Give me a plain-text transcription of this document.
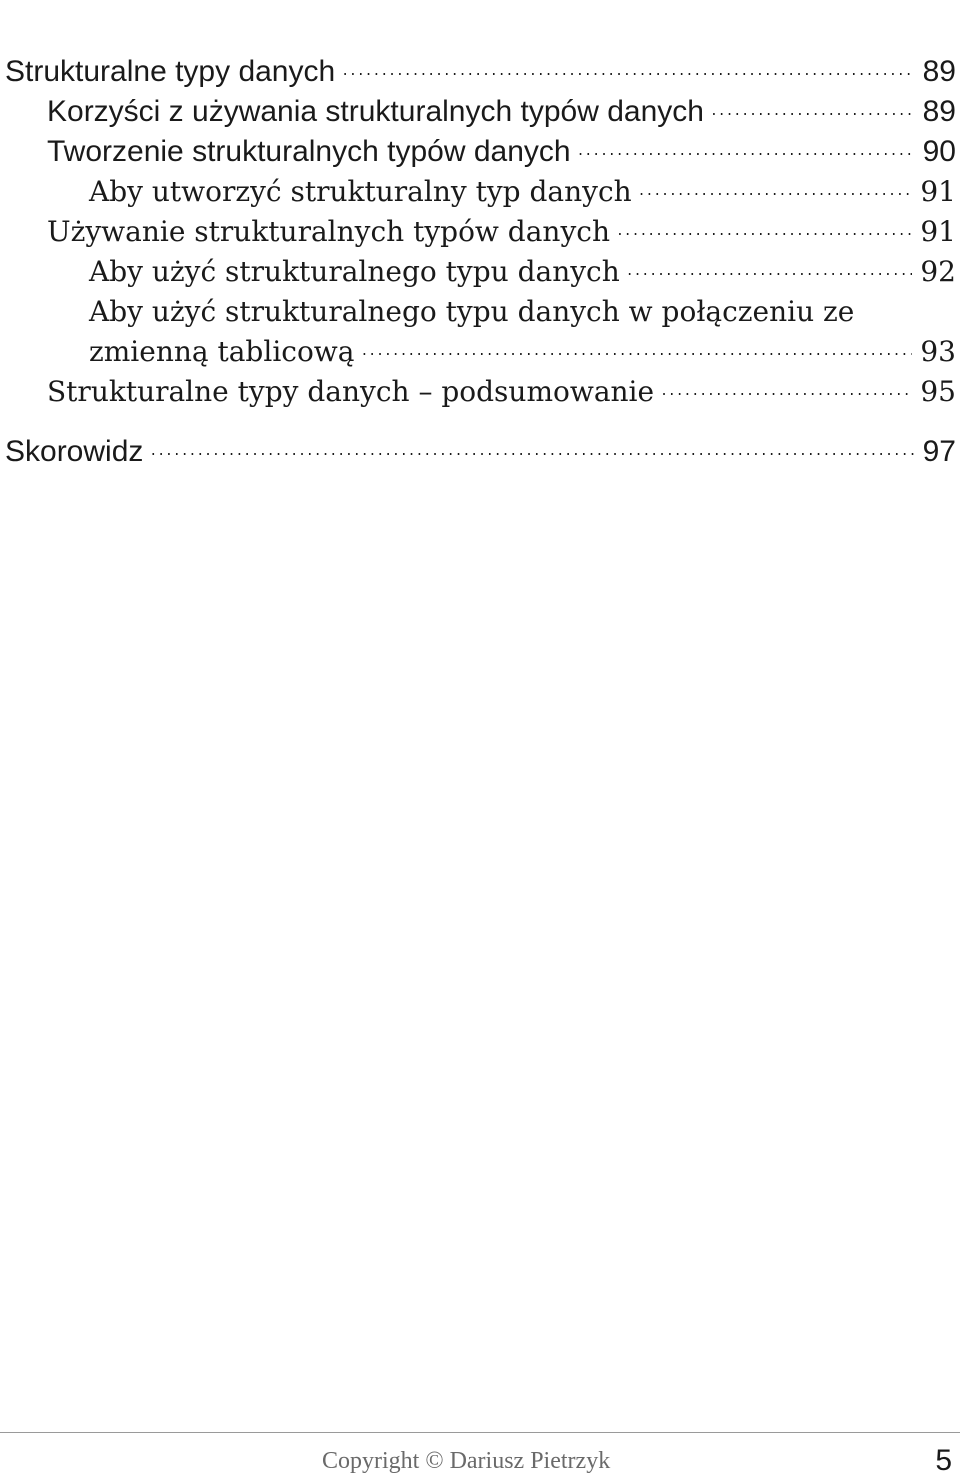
Strukturalne typy danych .....	89
Korzyści z używania strukturalnych typów danych .....	89
Tworzenie strukturalnych typów danych .....	90
Aby utworzyć strukturalny typ danych .....	91
Używanie strukturalnych typów danych .....	91
Aby użyć strukturalnego typu danych .....	92
Aby użyć strukturalnego typu danych w połączeniu ze
zmienną tablicową .....	93
Strukturalne typy danych – podsumowanie .....	95
Skorowidz .....	97
Copyright © Dariusz Pietrzyk	5
